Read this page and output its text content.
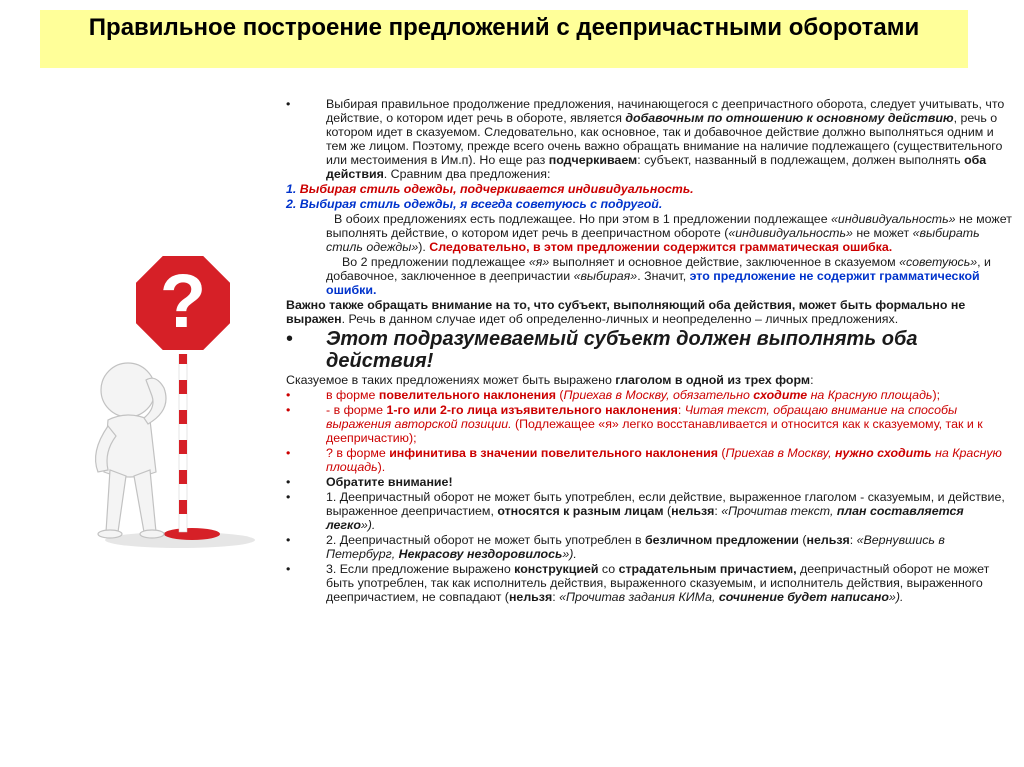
Правильное построение предложений с деепричастными оборотами
?
•	Выбирая правильное продолжение предложения, начинающегося с деепричастного оборота, следует учитывать, что действие, о котором идет речь в обороте, является добавочным по отношению к основному действию, речь о котором идет в сказуемом. Следовательно, как основное, так и добавочное действие должно выполняться одним и тем же лицом. Поэтому, прежде всего очень важно обращать внимание на наличие подлежащего (существительного или местоимения в Им.п). Но еще раз подчеркиваем: субъект, названный в подлежащем, должен выполнять оба действия. Сравним два предложения:
1. Выбирая стиль одежды, подчеркивается индивидуальность.
2. Выбирая стиль одежды, я всегда советуюсь с подругой.
В обоих предложениях есть подлежащее. Но при этом в 1 предложении подлежащее «индивидуальность» не может выполнять действие, о котором идет речь в деепричастном обороте («индивидуальность» не может «выбирать стиль одежды»). Следовательно, в этом предложении содержится грамматическая ошибка.
Во 2 предложении подлежащее «я» выполняет и основное действие, заключенное в сказуемом «советуюсь», и добавочное, заключенное в деепричастии «выбирая». Значит, это предложение не содержит грамматической ошибки.
Важно также обращать внимание на то, что субъект, выполняющий оба действия, может быть формально не выражен. Речь в данном случае идет об определенно-личных и неопределенно – личных предложениях.
•	Этот подразумеваемый субъект должен выполнять оба действия!
Сказуемое в таких предложениях может быть выражено глаголом в одной из трех форм:
•	в форме повелительного наклонения (Приехав в Москву, обязательно сходите на Красную площадь);
•	- в форме 1-го или 2-го лица изъявительного наклонения: Читая текст, обращаю внимание на способы выражения авторской позиции. (Подлежащее «я» легко восстанавливается и относится как к сказуемому, так и к деепричастию);
•	? в форме инфинитива в значении повелительного наклонения (Приехав в Москву, нужно сходить на Красную площадь).
•	Обратите внимание!
•	1. Деепричастный оборот не может быть употреблен, если действие, выраженное глаголом - сказуемым, и действие, выраженное деепричастием, относятся к разным лицам (нельзя: «Прочитав текст, план составляется легко»).
•	2. Деепричастный оборот не может быть употреблен в безличном предложении (нельзя: «Вернувшись в Петербург, Некрасову нездоровилось»).
•	3. Если предложение выражено конструкцией со страдательным причастием, деепричастный оборот не может быть употреблен, так как исполнитель действия, выраженного сказуемым, и исполнитель действия, выраженного деепричастием, не совпадают (нельзя: «Прочитав задания КИМа, сочинение будет написано»).
